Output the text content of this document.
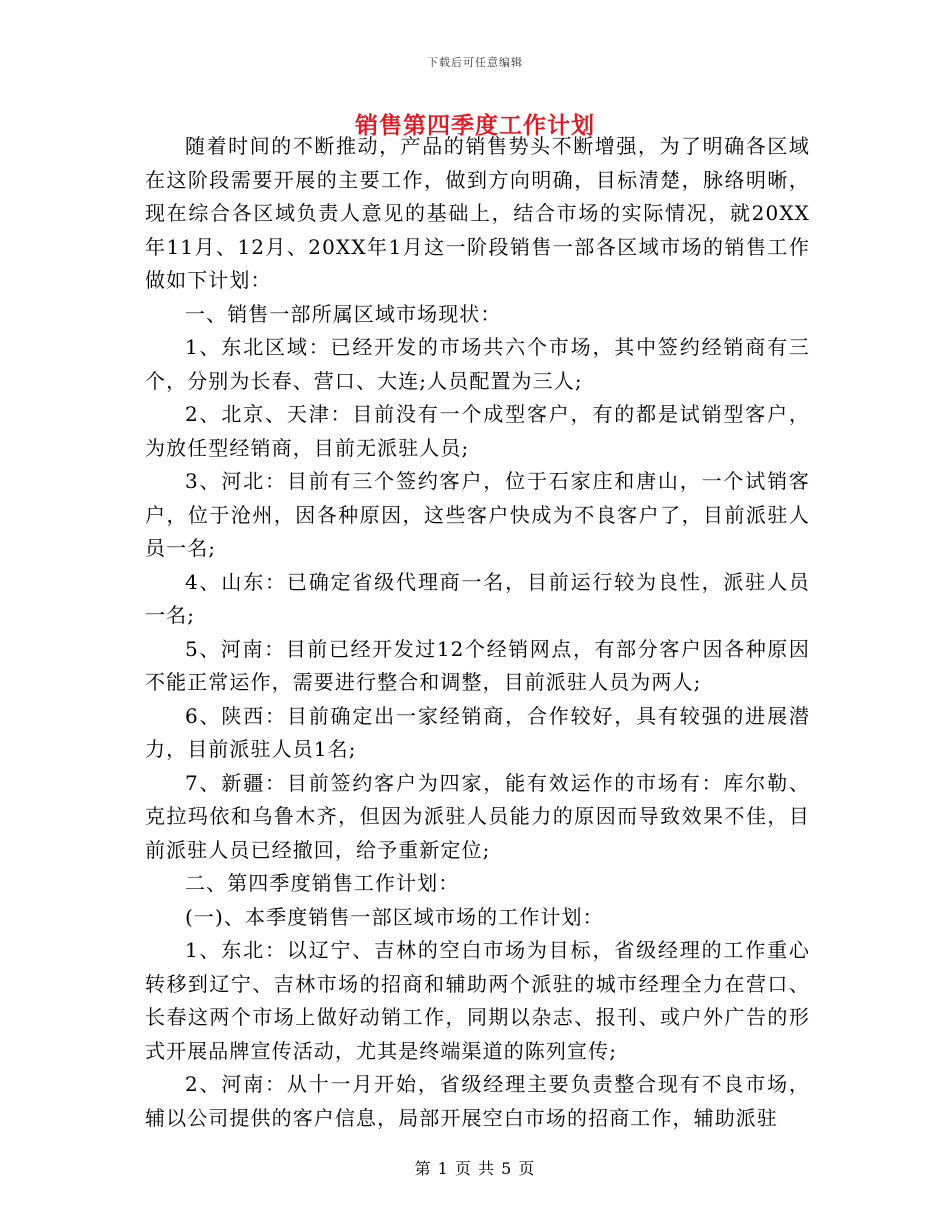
下载后可任意编辑
销售第四季度工作计划

随着时间的不断推动，产品的销售势头不断增强，为了明确各区域在这阶段需要开展的主要工作，做到方向明确，目标清楚，脉络明晰，现在综合各区域负责人意见的基础上，结合市场的实际情况，就20XX年11月、12月、20XX年1月这一阶段销售一部各区域市场的销售工作做如下计划：

一、销售一部所属区域市场现状：

1、东北区域：已经开发的市场共六个市场，其中签约经销商有三个，分别为长春、营口、大连;人员配置为三人;

2、北京、天津：目前没有一个成型客户，有的都是试销型客户，为放任型经销商，目前无派驻人员;

3、河北：目前有三个签约客户，位于石家庄和唐山，一个试销客户，位于沧州，因各种原因，这些客户快成为不良客户了，目前派驻人员一名;

4、山东：已确定省级代理商一名，目前运行较为良性，派驻人员一名;

5、河南：目前已经开发过12个经销网点，有部分客户因各种原因不能正常运作，需要进行整合和调整，目前派驻人员为两人;

6、陕西：目前确定出一家经销商，合作较好，具有较强的进展潜力，目前派驻人员1名;

7、新疆：目前签约客户为四家，能有效运作的市场有：库尔勒、克拉玛依和乌鲁木齐，但因为派驻人员能力的原因而导致效果不佳，目前派驻人员已经撤回，给予重新定位;

二、第四季度销售工作计划：

(一)、本季度销售一部区域市场的工作计划：

1、东北：以辽宁、吉林的空白市场为目标，省级经理的工作重心转移到辽宁、吉林市场的招商和辅助两个派驻的城市经理全力在营口、长春这两个市场上做好动销工作，同期以杂志、报刊、或户外广告的形式开展品牌宣传活动，尤其是终端渠道的陈列宣传;

2、河南：从十一月开始，省级经理主要负责整合现有不良市场，辅以公司提供的客户信息，局部开展空白市场的招商工作，辅助派驻

第 1 页 共 5 页
